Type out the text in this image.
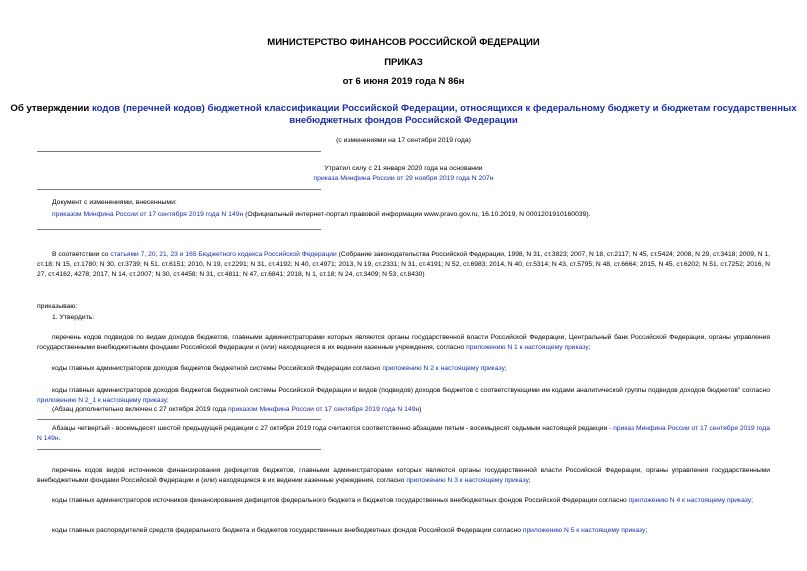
МИНИСТЕРСТВО ФИНАНСОВ РОССИЙСКОЙ ФЕДЕРАЦИИ
ПРИКАЗ
от 6 июня 2019 года N 86н
Об утверждении кодов (перечней кодов) бюджетной классификации Российской Федерации, относящихся к федеральному бюджету и бюджетам государственных
внебюджетных фондов Российской Федерации
(с изменениями на 17 сентября 2019 года)
Утратил силу с 21 января 2020 года на основании
приказа Минфина России от 29 ноября 2019 года N 207н
Документ с изменениями, внесенными:
приказом Минфина России от 17 сентября 2019 года N 149н (Официальный интернет-портал правовой информации www.pravo.gov.ru, 16.10.2019, N 0001201910160039).
В соответствии со статьями 7, 20, 21, 23 и 165 Бюджетного кодекса Российской Федерации (Собрание законодательства Российской Федерации, 1998, N 31, ст.3823; 2007, N 18, ст.2117; N 45, ст.5424; 2008, N 29, ст.3418; 2009, N 1, ст.18; N 15, ст.1780; N 30, ст.3739; N 51, ст.6151; 2010, N 19, ст.2291; N 31, ст.4192; N 40, ст.4971; 2013, N 19, ст.2331; N 31, ст.4191; N 52, ст.6983; 2014, N 40, ст.5314; N 43, ст.5795; N 48, ст.6664; 2015, N 45, ст.6202; N 51, ст.7252; 2016, N 27, ст.4162, 4278; 2017, N 14, ст.2007; N 30, ст.4458; N 31, ст.4811; N 47, ст.6841; 2018, N 1, ст.18; N 24, ст.3409; N 53, ст.8430)
приказываю:
1. Утвердить:
перечень кодов подвидов по видам доходов бюджетов, главными администраторами которых являются органы государственной власти Российской Федерации, Центральный банк Российской Федерации, органы управления государственными внебюджетными фондами Российской Федерации и (или) находящиеся в их ведении казенные учреждения, согласно приложению N 1 к настоящему приказу;
коды главных администраторов доходов бюджетов бюджетной системы Российской Федерации согласно приложению N 2 к настоящему приказу;
коды главных администраторов доходов бюджетов бюджетной системы Российской Федерации и видов (подвидов) доходов бюджетов с соответствующими им кодами аналитической группы подвидов доходов бюджетов" согласно приложению N 2_1 к настоящему приказу;
(Абзац дополнительно включен с 27 октября 2019 года приказом Минфина России от 17 сентября 2019 года N 149н)
Абзацы четвертый - восемьдесят шестой предыдущей редакции с 27 октября 2019 года считаются соответственно абзацами пятым - восемьдесят седьмым настоящей редакции - приказ Минфина России от 17 сентября 2019 года N 149н.
перечень кодов видов источников финансирования дефицитов бюджетов, главными администраторами которых являются органы государственной власти Российской Федерации, органы управления государственными внебюджетными фондами Российской Федерации и (или) находящиеся в их ведении казенные учреждения, согласно приложению N 3 к настоящему приказу;
коды главных администраторов источников финансирования дефицитов федерального бюджета и бюджетов государственных внебюджетных фондов Российской Федерации согласно приложению N 4 к настоящему приказу;
коды главных распорядителей средств федерального бюджета и бюджетов государственных внебюджетных фондов Российской Федерации согласно приложению N 5 к настоящему приказу;
